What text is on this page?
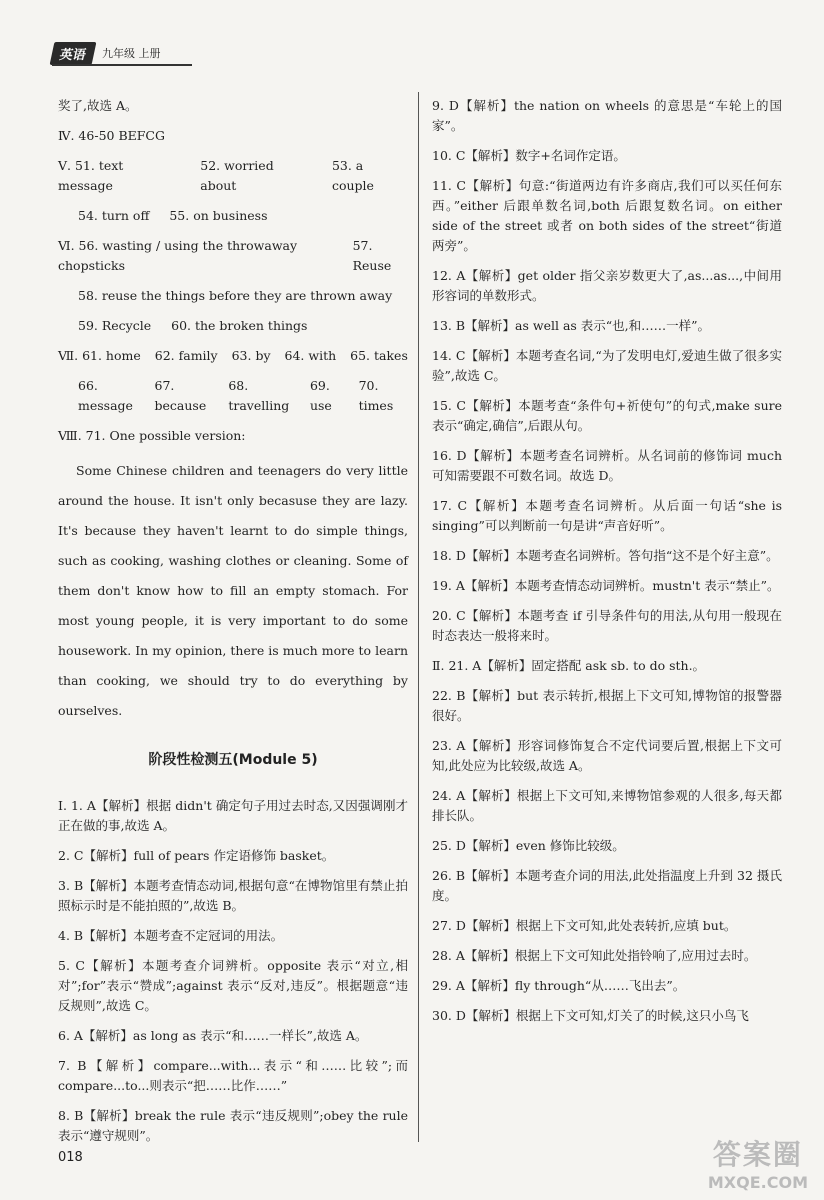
英语	九年级 上册
奖了,故选 A。
Ⅳ. 46-50 BEFCG
Ⅴ. 51. text message
52. worried about
53. a couple
54. turn off 55. on business
Ⅵ. 56. wasting / using the throwaway chopsticks
57. Reuse
58. reuse the things before they are thrown away
59. Recycle 60. the broken things
Ⅶ. 61. home 62. family 63. by 64. with 65. takes
66. message
67. because
68. travelling
69. use
70. times
Ⅷ. 71. One possible version:
Some Chinese children and teenagers do very little around the house. It isn't only becasuse they are lazy. It's because they haven't learnt to do simple things, such as cooking, washing clothes or cleaning. Some of them don't know how to fill an empty stomach. For most young people, it is very important to do some housework. In my opinion, there is much more to learn than cooking, we should try to do everything by ourselves.
阶段性检测五(Module 5)
Ⅰ. 1. A【解析】根据 didn't 确定句子用过去时态,又因强调刚才正在做的事,故选 A。
2. C【解析】full of pears 作定语修饰 basket。
3. B【解析】本题考查情态动词,根据句意“在博物馆里有禁止拍照标示时是不能拍照的”,故选 B。
4. B【解析】本题考查不定冠词的用法。
5. C【解析】本题考查介词辨析。opposite 表示“对立,相对”;for”表示“赞成”;against 表示“反对,违反”。根据题意“违反规则”,故选 C。
6. A【解析】as long as 表示“和……一样长”,故选 A。
7. B【解析】compare...with...表示“和……比较”;而compare...to...则表示“把……比作……”
8. B【解析】break the rule 表示“违反规则”;obey the rule 表示“遵守规则”。
9. D【解析】the nation on wheels 的意思是“车轮上的国家”。
10. C【解析】数字+名词作定语。
11. C【解析】句意:“街道两边有许多商店,我们可以买任何东西。”either 后跟单数名词,both 后跟复数名词。on either side of the street 或者 on both sides of the street“街道两旁”。
12. A【解析】get older 指父亲岁数更大了,as...as...,中间用形容词的单数形式。
13. B【解析】as well as 表示“也,和……一样”。
14. C【解析】本题考查名词,“为了发明电灯,爱迪生做了很多实验”,故选 C。
15. C【解析】本题考查“条件句+祈使句”的句式,make sure 表示“确定,确信”,后跟从句。
16. D【解析】本题考查名词辨析。从名词前的修饰词 much 可知需要跟不可数名词。故选 D。
17. C【解析】本题考查名词辨析。从后面一句话“she is singing”可以判断前一句是讲“声音好听”。
18. D【解析】本题考查名词辨析。答句指“这不是个好主意”。
19. A【解析】本题考查情态动词辨析。mustn't 表示“禁止”。
20. C【解析】本题考查 if 引导条件句的用法,从句用一般现在时态表达一般将来时。
Ⅱ. 21. A【解析】固定搭配 ask sb. to do sth.。
22. B【解析】but 表示转折,根据上下文可知,博物馆的报警器很好。
23. A【解析】形容词修饰复合不定代词要后置,根据上下文可知,此处应为比较级,故选 A。
24. A【解析】根据上下文可知,来博物馆参观的人很多,每天都排长队。
25. D【解析】even 修饰比较级。
26. B【解析】本题考查介词的用法,此处指温度上升到 32 摄氏度。
27. D【解析】根据上下文可知,此处表转折,应填 but。
28. A【解析】根据上下文可知此处指铃响了,应用过去时。
29. A【解析】fly through“从……飞出去”。
30. D【解析】根据上下文可知,灯关了的时候,这只小鸟飞
018	答案圈
MXQE.COM
